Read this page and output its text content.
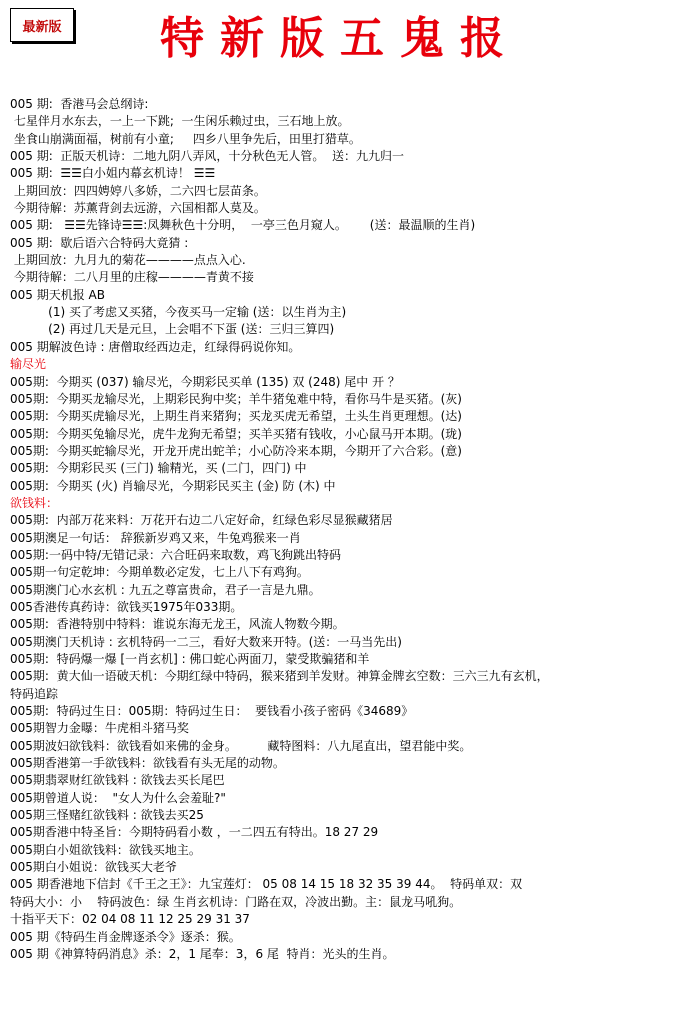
最新版 特新版五鬼报
005 期:  香港马会总纲诗:
七星伴月水东去，一上一下跳;  一生闲乐赖过虫，三石地上放。
坐食山崩满面福，树前有小童;     四乡八里争先后，田里打猎草。
005 期:  正版天机诗：二地九阴八弄风，十分秋色无人管。  送：九九归一
005 期:  ☰☰白小姐内幕玄机诗！ ☰☰
上期回放：四四娉婷八多娇，二六四七层苗条。
今期待解：苏薰背剑去远游，六国相都人莫及。
005 期:   ☰☰先锋诗☰☰:凤舞秋色十分明，  一亭三色月窥人。      (送：最温顺的生肖)
005 期:  歇后语六合特码大竟猜 :
上期回放：九月九的菊花————点点入心.
今期待解：二八月里的庄稼————青黄不接
005 期天机报 AB
(1) 买了考虑又买猪，今夜买马一定输 (送：以生肖为主)
(2) 再过几天是元旦，上会唱不下蛋 (送：三归三算四)
005 期解波色诗 : 唐僧取经西边走，红绿得码说你知。
输尽光
005期:  今期买 (037) 输尽光，今期彩民买单 (135) 双 (248) 尾中 开 ？
005期:  今期买龙输尽光，上期彩民狗中奖；羊牛猪兔难中特，看你马牛是买猪。(灰)
005期:  今期买虎输尽光，上期生肖来猪狗；买龙买虎无希望，土头生肖更理想。(达)
005期:  今期买兔输尽光，虎牛龙狗无希望；买羊买猪有钱收，小心鼠马开本期。(珑)
005期:  今期买蛇输尽光，开龙开虎出蛇羊；小心防冷来本期，今期开了六合彩。(意)
005期:  今期彩民买 (三门) 输精光，买 (二门，四门) 中
005期:  今期买 (火) 肖输尽光，今期彩民买主 (金) 防 (木) 中
欲钱料：
005期:  内部万花来料：万花开右边二八定好命，红绿色彩尽显猴藏猪居
005期澳足一句话： 辞猴新岁鸡又来，牛兔鸡猴来一肖
005期:一码中特/无错记录：六合旺码来取数，鸡飞狗跳出特码
005期一句定乾坤：今期单数必定发，七上八下有鸡狗。
005期澳门心水玄机 : 九五之尊富贵命，君子一言是九鼎。
005香港传真药诗：欲钱买1975年033期。
005期:  香港特别中特料：谁说东海无龙王，风流人物数今期。
005期澳门天机诗 : 玄机特码一二三，看好大数来开特。(送：一马当先出)
005期:  特码爆一爆 [一肖玄机] : 佛口蛇心两面刀，蒙受欺骗猪和羊
005期:  黄大仙一语破天机：今期红绿中特码，猴来猪到羊发财。神算金牌玄空数：三六三九有玄机，
特码追踪
005期:  特码过生日：005期：特码过生日：  要钱看小孩子密码《34689》
005期智力金曝：牛虎相斗猪马奖
005期波妇欲钱料：欲钱看如来佛的金身。        藏特图料：八九尾直出，望君能中奖。
005期香港第一手欲钱料：欲钱看有头无尾的动物。
005期翡翠财红欲钱料 : 欲钱去买长尾巴
005期曾道人说：  "女人为什么会羞耻?"
005期三怪赌红欲钱料 : 欲钱去买25
005期香港中特圣旨：今期特码看小数 ，一二四五有特出。18 27 29
005期白小姐欲钱料：欲钱买地主。
005期白小姐说：欲钱买大老爷
005 期香港地下信封《千王之王》：九宝莲灯： 05 08 14 15 18 32 35 39 44。  特码单双：双
特码大小：小    特码波色：绿 生肖玄机诗：门路在双，冷波出勤。主：鼠龙马吼狗。
十指平天下：02 04 08 11 12 25 29 31 37
005 期《特码生肖金牌逐杀令》逐杀：猴。
005 期《神算特码消息》杀：2，1 尾奉：3，6 尾  特肖：光头的生肖。
